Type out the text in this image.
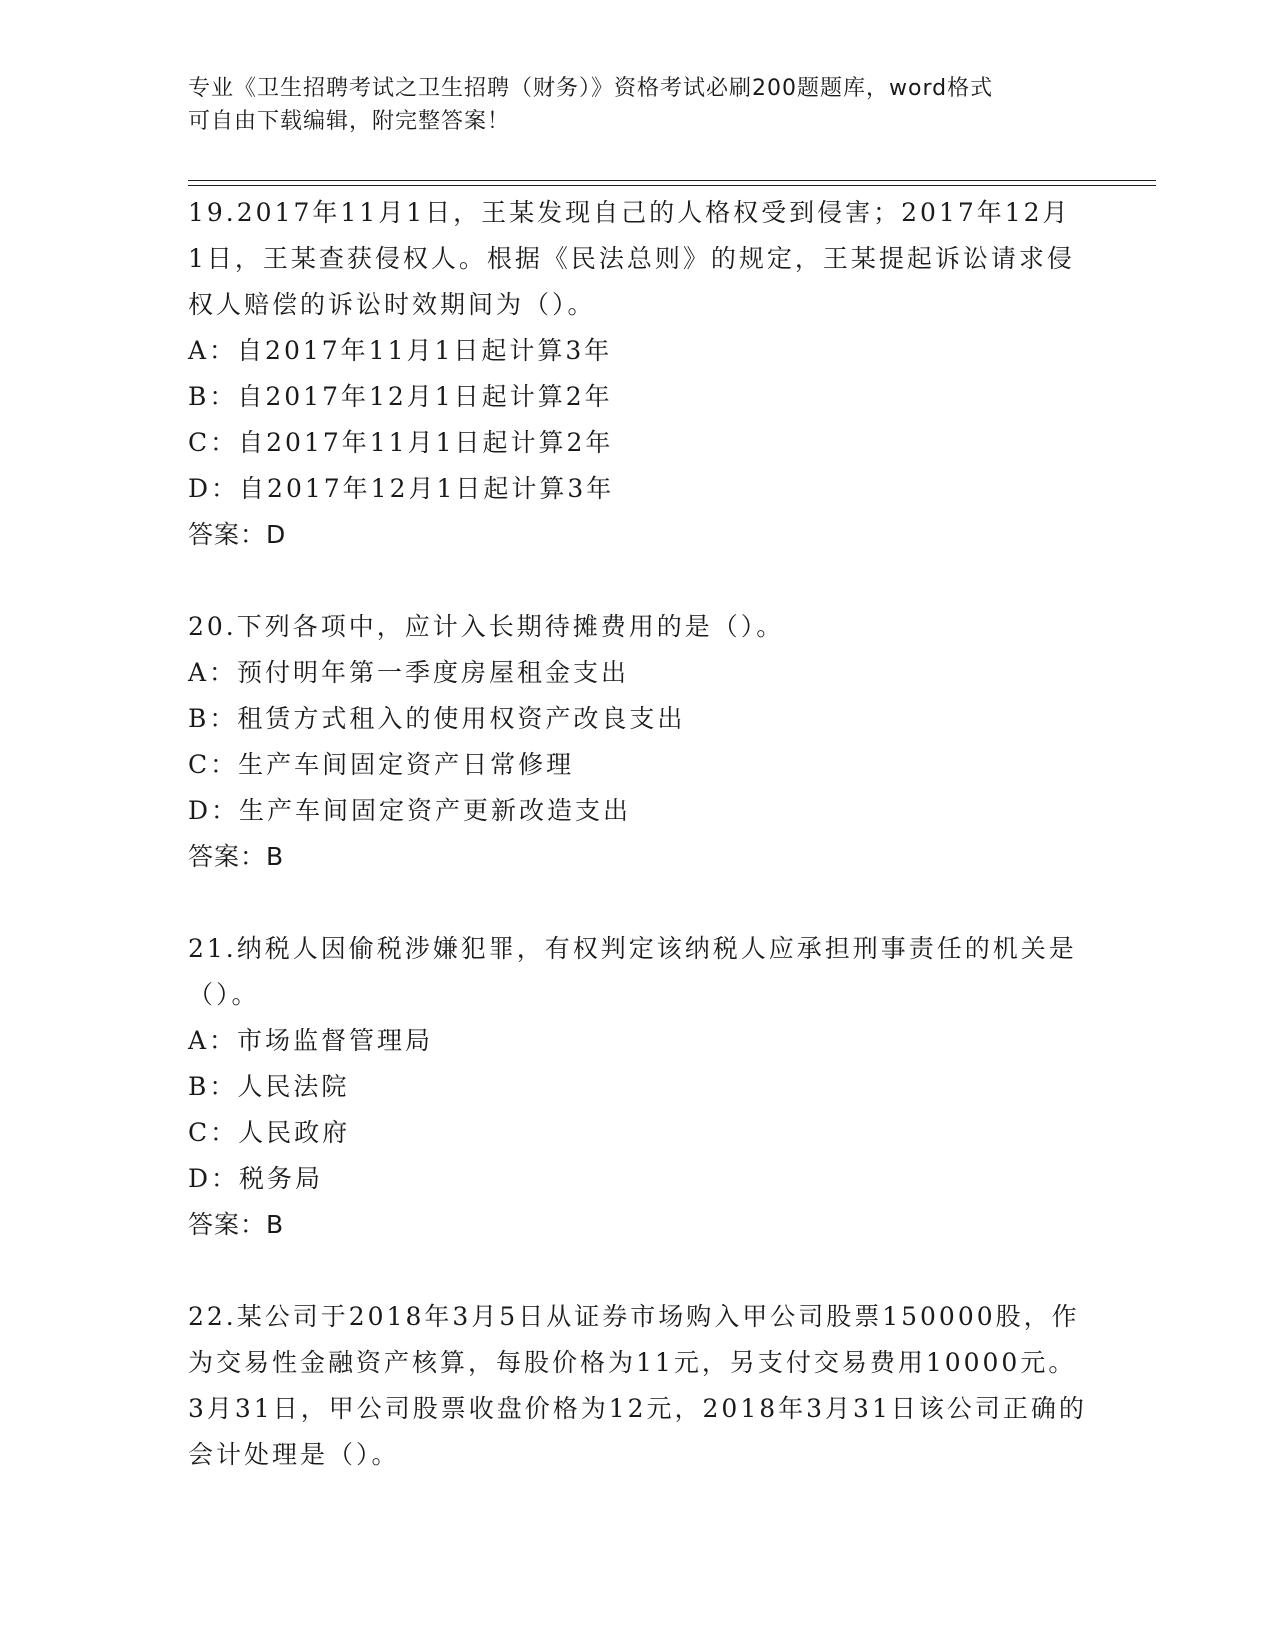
专业《卫生招聘考试之卫生招聘（财务）》资格考试必刷200题题库，word格式
可自由下载编辑，附完整答案！

19.2017年11月1日，王某发现自己的人格权受到侵害；2017年12月1日，王某查获侵权人。根据《民法总则》的规定，王某提起诉讼请求侵权人赔偿的诉讼时效期间为（）。

A：自2017年11月1日起计算3年

B：自2017年12月1日起计算2年

C：自2017年11月1日起计算2年

D：自2017年12月1日起计算3年

答案：D

20.下列各项中，应计入长期待摊费用的是（）。

A：预付明年第一季度房屋租金支出

B：租赁方式租入的使用权资产改良支出

C：生产车间固定资产日常修理

D：生产车间固定资产更新改造支出

答案：B

21.纳税人因偷税涉嫌犯罪，有权判定该纳税人应承担刑事责任的机关是（）。

A：市场监督管理局

B：人民法院

C：人民政府

D：税务局

答案：B

22.某公司于2018年3月5日从证券市场购入甲公司股票150000股，作为交易性金融资产核算，每股价格为11元，另支付交易费用10000元。3月31日，甲公司股票收盘价格为12元，2018年3月31日该公司正确的会计处理是（）。
